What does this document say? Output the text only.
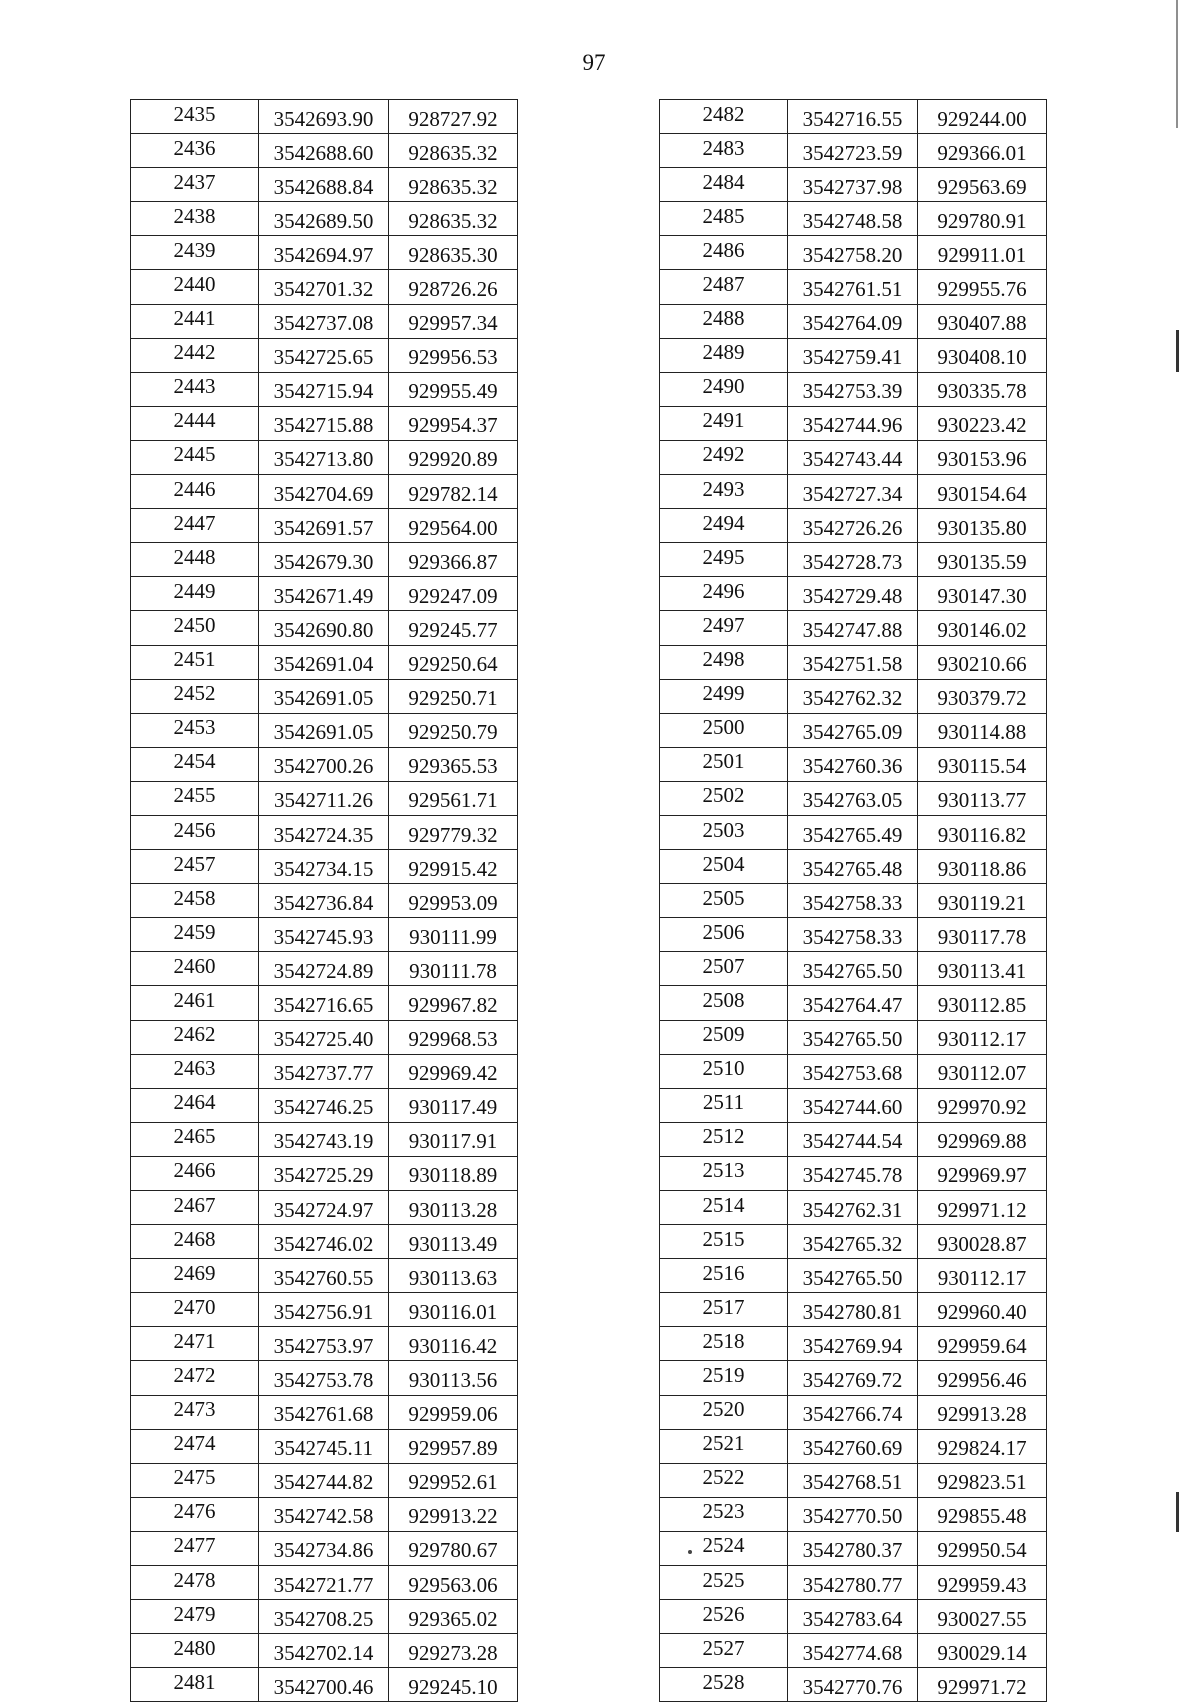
97
2435	3542693.90	928727.92
2436	3542688.60	928635.32
2437	3542688.84	928635.32
2438	3542689.50	928635.32
2439	3542694.97	928635.30
2440	3542701.32	928726.26
2441	3542737.08	929957.34
2442	3542725.65	929956.53
2443	3542715.94	929955.49
2444	3542715.88	929954.37
2445	3542713.80	929920.89
2446	3542704.69	929782.14
2447	3542691.57	929564.00
2448	3542679.30	929366.87
2449	3542671.49	929247.09
2450	3542690.80	929245.77
2451	3542691.04	929250.64
2452	3542691.05	929250.71
2453	3542691.05	929250.79
2454	3542700.26	929365.53
2455	3542711.26	929561.71
2456	3542724.35	929779.32
2457	3542734.15	929915.42
2458	3542736.84	929953.09
2459	3542745.93	930111.99
2460	3542724.89	930111.78
2461	3542716.65	929967.82
2462	3542725.40	929968.53
2463	3542737.77	929969.42
2464	3542746.25	930117.49
2465	3542743.19	930117.91
2466	3542725.29	930118.89
2467	3542724.97	930113.28
2468	3542746.02	930113.49
2469	3542760.55	930113.63
2470	3542756.91	930116.01
2471	3542753.97	930116.42
2472	3542753.78	930113.56
2473	3542761.68	929959.06
2474	3542745.11	929957.89
2475	3542744.82	929952.61
2476	3542742.58	929913.22
2477	3542734.86	929780.67
2478	3542721.77	929563.06
2479	3542708.25	929365.02
2480	3542702.14	929273.28
2481	3542700.46	929245.10
2482	3542716.55	929244.00
2483	3542723.59	929366.01
2484	3542737.98	929563.69
2485	3542748.58	929780.91
2486	3542758.20	929911.01
2487	3542761.51	929955.76
2488	3542764.09	930407.88
2489	3542759.41	930408.10
2490	3542753.39	930335.78
2491	3542744.96	930223.42
2492	3542743.44	930153.96
2493	3542727.34	930154.64
2494	3542726.26	930135.80
2495	3542728.73	930135.59
2496	3542729.48	930147.30
2497	3542747.88	930146.02
2498	3542751.58	930210.66
2499	3542762.32	930379.72
2500	3542765.09	930114.88
2501	3542760.36	930115.54
2502	3542763.05	930113.77
2503	3542765.49	930116.82
2504	3542765.48	930118.86
2505	3542758.33	930119.21
2506	3542758.33	930117.78
2507	3542765.50	930113.41
2508	3542764.47	930112.85
2509	3542765.50	930112.17
2510	3542753.68	930112.07
2511	3542744.60	929970.92
2512	3542744.54	929969.88
2513	3542745.78	929969.97
2514	3542762.31	929971.12
2515	3542765.32	930028.87
2516	3542765.50	930112.17
2517	3542780.81	929960.40
2518	3542769.94	929959.64
2519	3542769.72	929956.46
2520	3542766.74	929913.28
2521	3542760.69	929824.17
2522	3542768.51	929823.51
2523	3542770.50	929855.48
2524	3542780.37	929950.54
2525	3542780.77	929959.43
2526	3542783.64	930027.55
2527	3542774.68	930029.14
2528	3542770.76	929971.72
